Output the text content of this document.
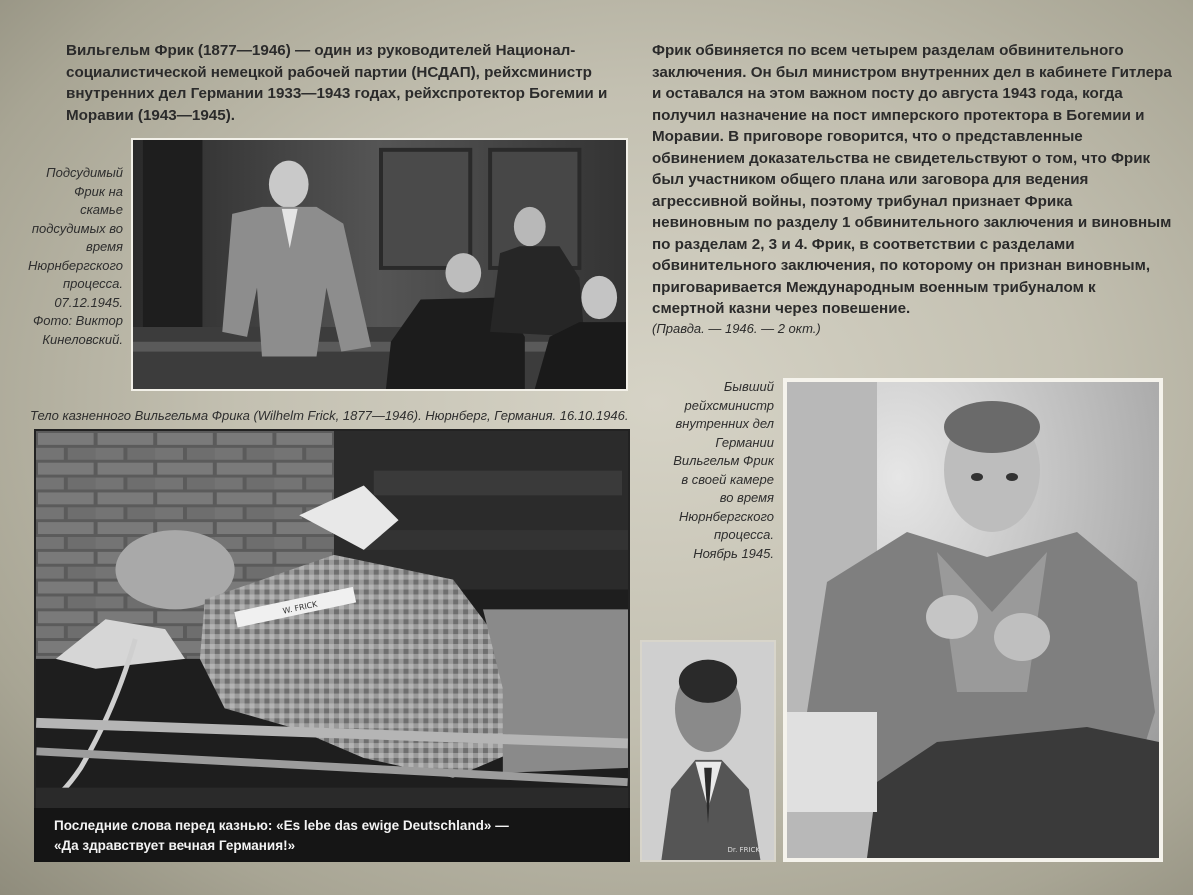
Вильгельм Фрик (1877—1946) — один из руководителей Национал-социалистической немецкой рабочей партии (НСДАП), рейхсминистр внутренних дел Германии 1933—1943 годах, рейхспротектор Богемии и Моравии (1943—1945).

Фрик обвиняется по всем четырем разделам обвинительного заключения. Он был министром внутренних дел в кабинете Гитлера и оставался на этом важном посту до августа 1943 года, когда получил назначение на пост имперского протектора в Богемии и Моравии. В приговоре говорится, что о представленные обвинением доказательства не свидетельствуют о том, что Фрик был участником общего плана или заговора для ведения агрессивной войны, поэтому трибунал признает Фрика невиновным по разделу 1 обвинительного заключения и виновным по разделам 2, 3 и 4. Фрик, в соответствии с разделами обвинительного заключения, по которому он признан виновным, приговаривается Международным военным трибуналом к смертной казни через повешение.
(Правда. — 1946. — 2 окт.)

Подсудимый Фрик на скамье подсудимых во время Нюрнбергского процесса. 07.12.1945. Фото: Виктор Кинеловский.

Тело казненного Вильгельма Фрика (Wilhelm Frick, 1877—1946). Нюрнберг, Германия. 16.10.1946.

W. FRICK
Последние слова перед казнью: «Es lebe das ewige Deutschland» —
«Да здравствует вечная Германия!»	Dr. FRICK

Бывший рейхсминистр внутренних дел Германии Вильгельм Фрик в своей камере во время Нюрнбергского процесса. Ноябрь 1945.
